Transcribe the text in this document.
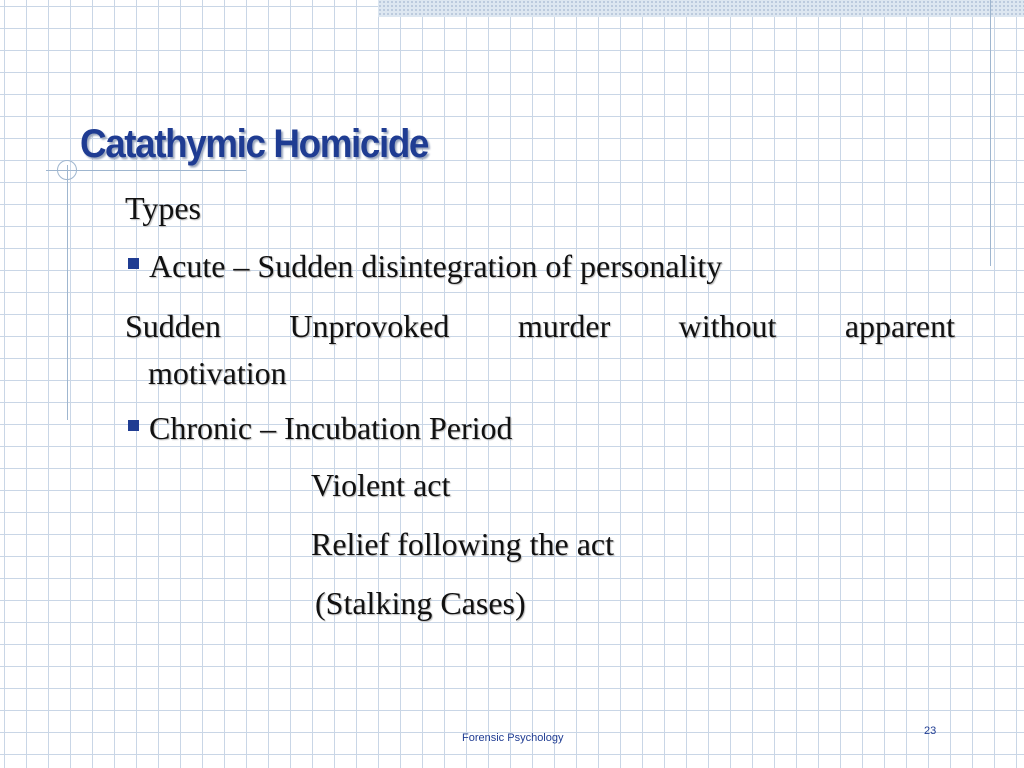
Catathymic Homicide

Types

Acute – Sudden disintegration of personality

Sudden Unprovoked murder without apparent

motivation

Chronic – Incubation Period

Violent act

Relief following the act

(Stalking Cases)

Forensic Psychology
23
